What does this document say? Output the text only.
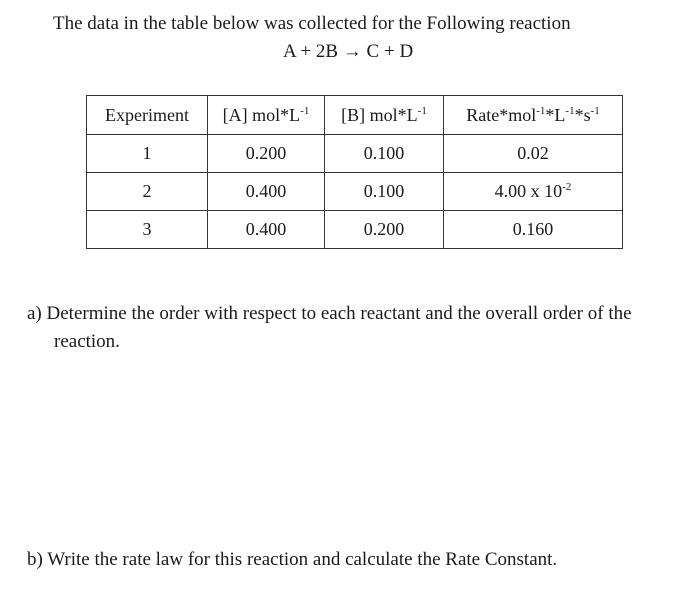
The data in the table below was collected for the Following reaction
A + 2B → C + D
Experiment	[A] $mol*L^{-1}$	[B] $mol*L^{-1}$	$Rate*mol^{-1}*L^{-1}*s^{-1}$
1	0.200	0.100	0.02
2	0.400	0.100	4.00 x $10^{-2}$
3	0.400	0.200	0.160
a) Determine the order with respect to each reactant and the overall order of the
reaction.
b) Write the rate law for this reaction and calculate the Rate Constant.
